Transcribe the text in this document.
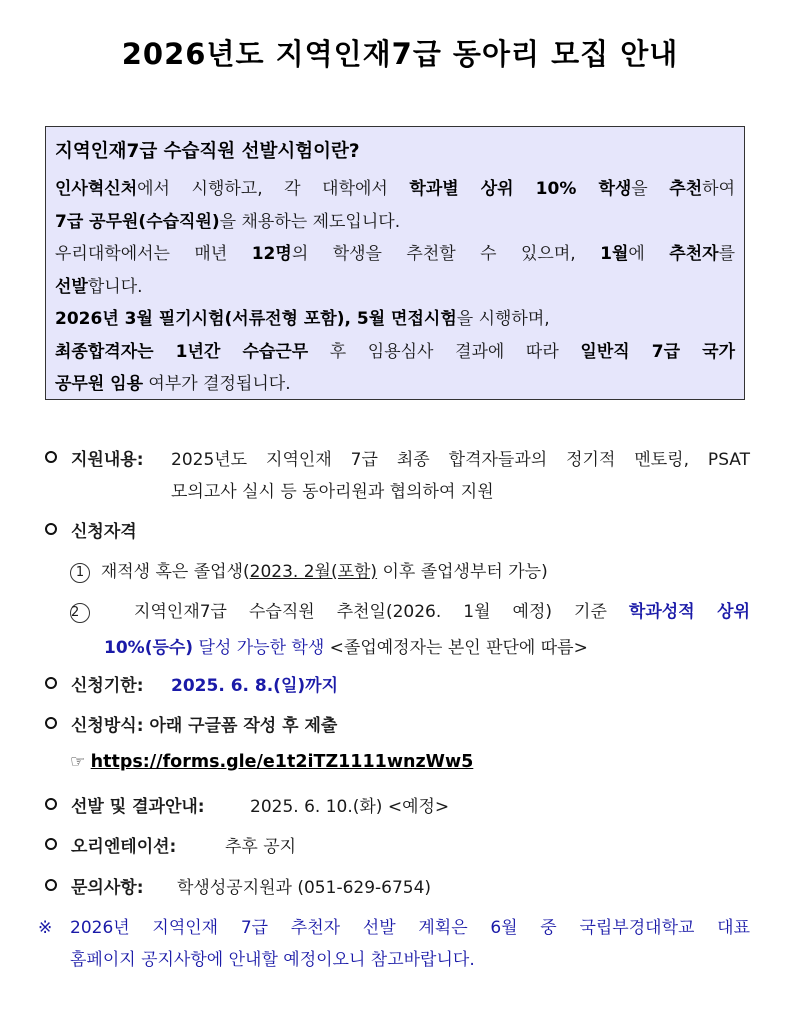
2026년도 지역인재7급 동아리 모집 안내
지역인재7급 수습직원 선발시험이란?
인사혁신처에서 시행하고, 각 대학에서 학과별 상위 10% 학생을 추천하여
7급 공무원(수습직원)을 채용하는 제도입니다.
우리대학에서는 매년 12명의 학생을 추천할 수 있으며, 1월에 추천자를
선발합니다.
2026년 3월 필기시험(서류전형 포함), 5월 면접시험을 시행하며,
최종합격자는 1년간 수습근무 후 임용심사 결과에 따라 일반직 7급 국가
공무원 임용 여부가 결정됩니다.
지원내용: 2025년도 지역인재 7급 최종 합격자들과의 정기적 멘토링, PSAT
모의고사 실시 등 동아리원과 협의하여 지원
신청자격
1 재적생 혹은 졸업생(2023. 2월(포함) 이후 졸업생부터 가능)
2	지역인재7급 수습직원 추천일(2026. 1월 예정) 기준 학과성적 상위
10%(등수) 달성 가능한 학생 <졸업예정자는 본인 판단에 따름>
신청기한: 2025. 6. 8.(일)까지
신청방식: 아래 구글폼 작성 후 제출
☞ https://forms.gle/e1t2iTZ1111wnzWw5
선발 및 결과안내:	2025. 6. 10.(화) <예정>
오리엔테이션:	추후 공지
문의사항: 학생성공지원과 (051-629-6754)
※ 2026년 지역인재 7급 추천자 선발 계획은 6월 중 국립부경대학교 대표
홈페이지 공지사항에 안내할 예정이오니 참고바랍니다.
